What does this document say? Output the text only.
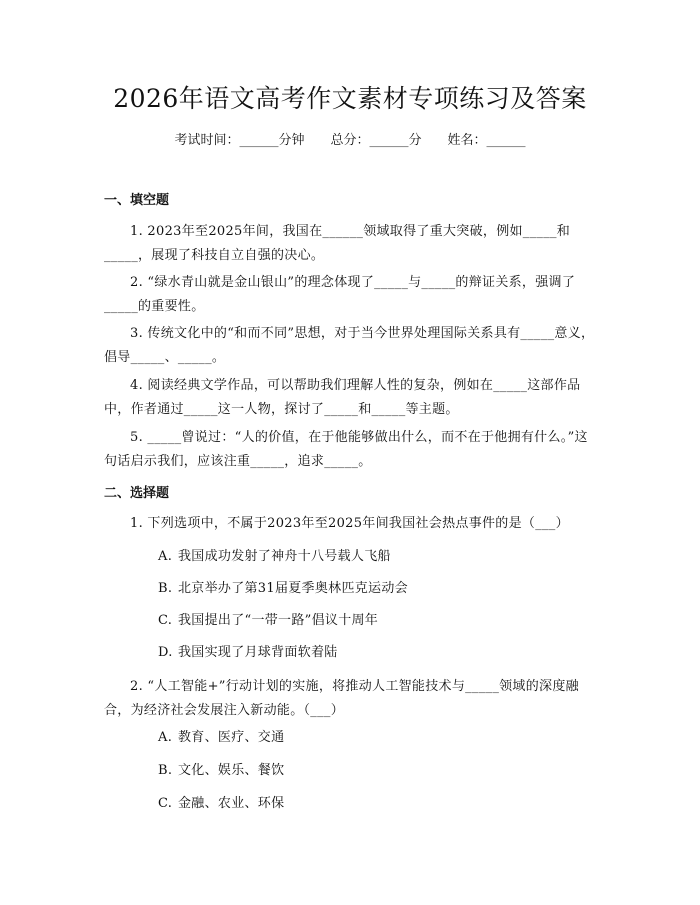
2026年语文高考作文素材专项练习及答案
考试时间：______分钟 总分：______分 姓名：______
一、填空题
1. 2023年至2025年间，我国在______领域取得了重大突破，例如_____和_____，展现了科技自立自强的决心。
2. “绿水青山就是金山银山”的理念体现了_____与_____的辩证关系，强调了_____的重要性。
3. 传统文化中的“和而不同”思想，对于当今世界处理国际关系具有_____意义，倡导_____、_____。
4. 阅读经典文学作品，可以帮助我们理解人性的复杂，例如在_____这部作品中，作者通过_____这一人物，探讨了_____和_____等主题。
5. _____曾说过：“人的价值，在于他能够做出什么，而不在于他拥有什么。”这句话启示我们，应该注重_____，追求_____。
二、选择题
1. 下列选项中，不属于2023年至2025年间我国社会热点事件的是（___）
A. 我国成功发射了神舟十八号载人飞船
B. 北京举办了第31届夏季奥林匹克运动会
C. 我国提出了“一带一路”倡议十周年
D. 我国实现了月球背面软着陆
2. “人工智能+”行动计划的实施，将推动人工智能技术与_____领域的深度融合，为经济社会发展注入新动能。（___）
A. 教育、医疗、交通
B. 文化、娱乐、餐饮
C. 金融、农业、环保
